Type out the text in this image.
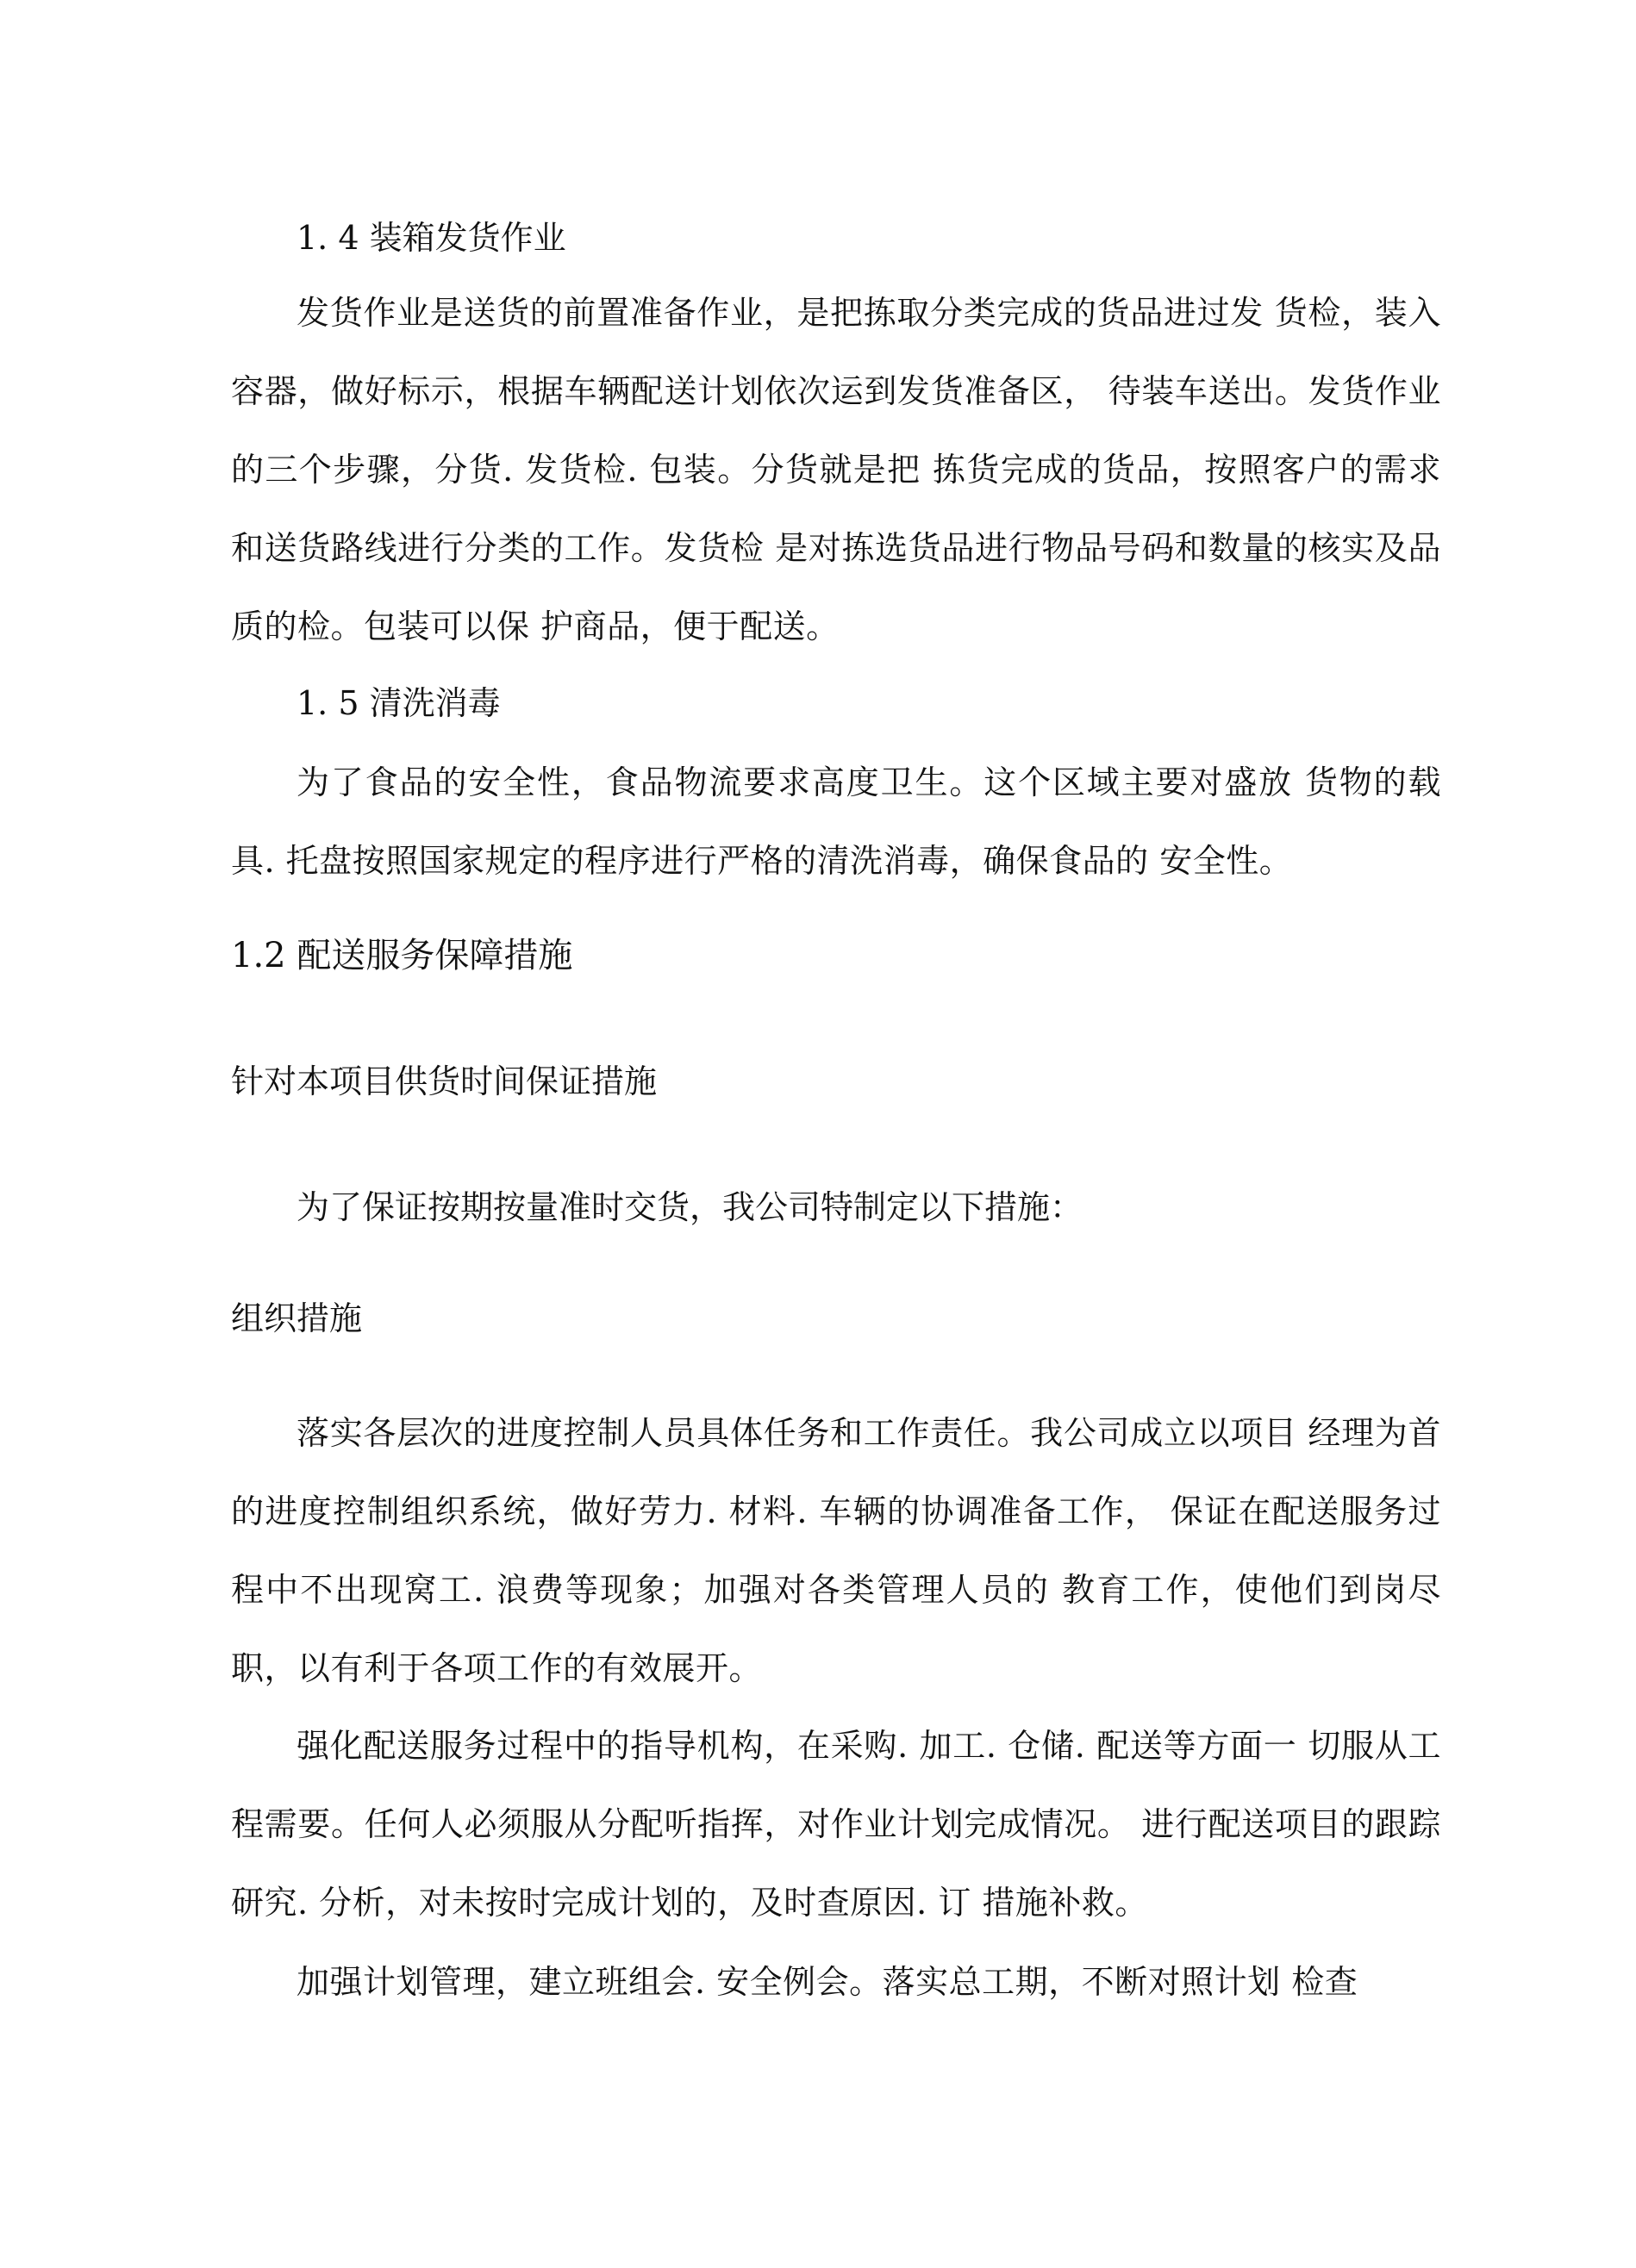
1. 4 装箱发货作业

发货作业是送货的前置准备作业，是把拣取分类完成的货品进过发 货检，装入容器，做好标示，根据车辆配送计划依次运到发货准备区， 待装车送出。发货作业的三个步骤，分货. 发货检. 包装。分货就是把 拣货完成的货品，按照客户的需求和送货路线进行分类的工作。发货检 是对拣选货品进行物品号码和数量的核实及品质的检。包装可以保 护商品，便于配送。

1. 5 清洗消毒

为了食品的安全性，食品物流要求高度卫生。这个区域主要对盛放 货物的载具. 托盘按照国家规定的程序进行严格的清洗消毒，确保食品的 安全性。

1.2 配送服务保障措施
针对本项目供货时间保证措施
为了保证按期按量准时交货，我公司特制定以下措施：
组织措施

落实各层次的进度控制人员具体任务和工作责任。我公司成立以项目 经理为首的进度控制组织系统，做好劳力. 材料. 车辆的协调准备工作， 保证在配送服务过程中不出现窝工. 浪费等现象；加强对各类管理人员的 教育工作，使他们到岗尽职，以有利于各项工作的有效展开。

强化配送服务过程中的指导机构，在采购. 加工. 仓储. 配送等方面一 切服从工程需要。任何人必须服从分配听指挥，对作业计划完成情况。 进行配送项目的跟踪研究. 分析，对未按时完成计划的，及时查原因. 订 措施补救。

加强计划管理，建立班组会. 安全例会。落实总工期，不断对照计划 检查
